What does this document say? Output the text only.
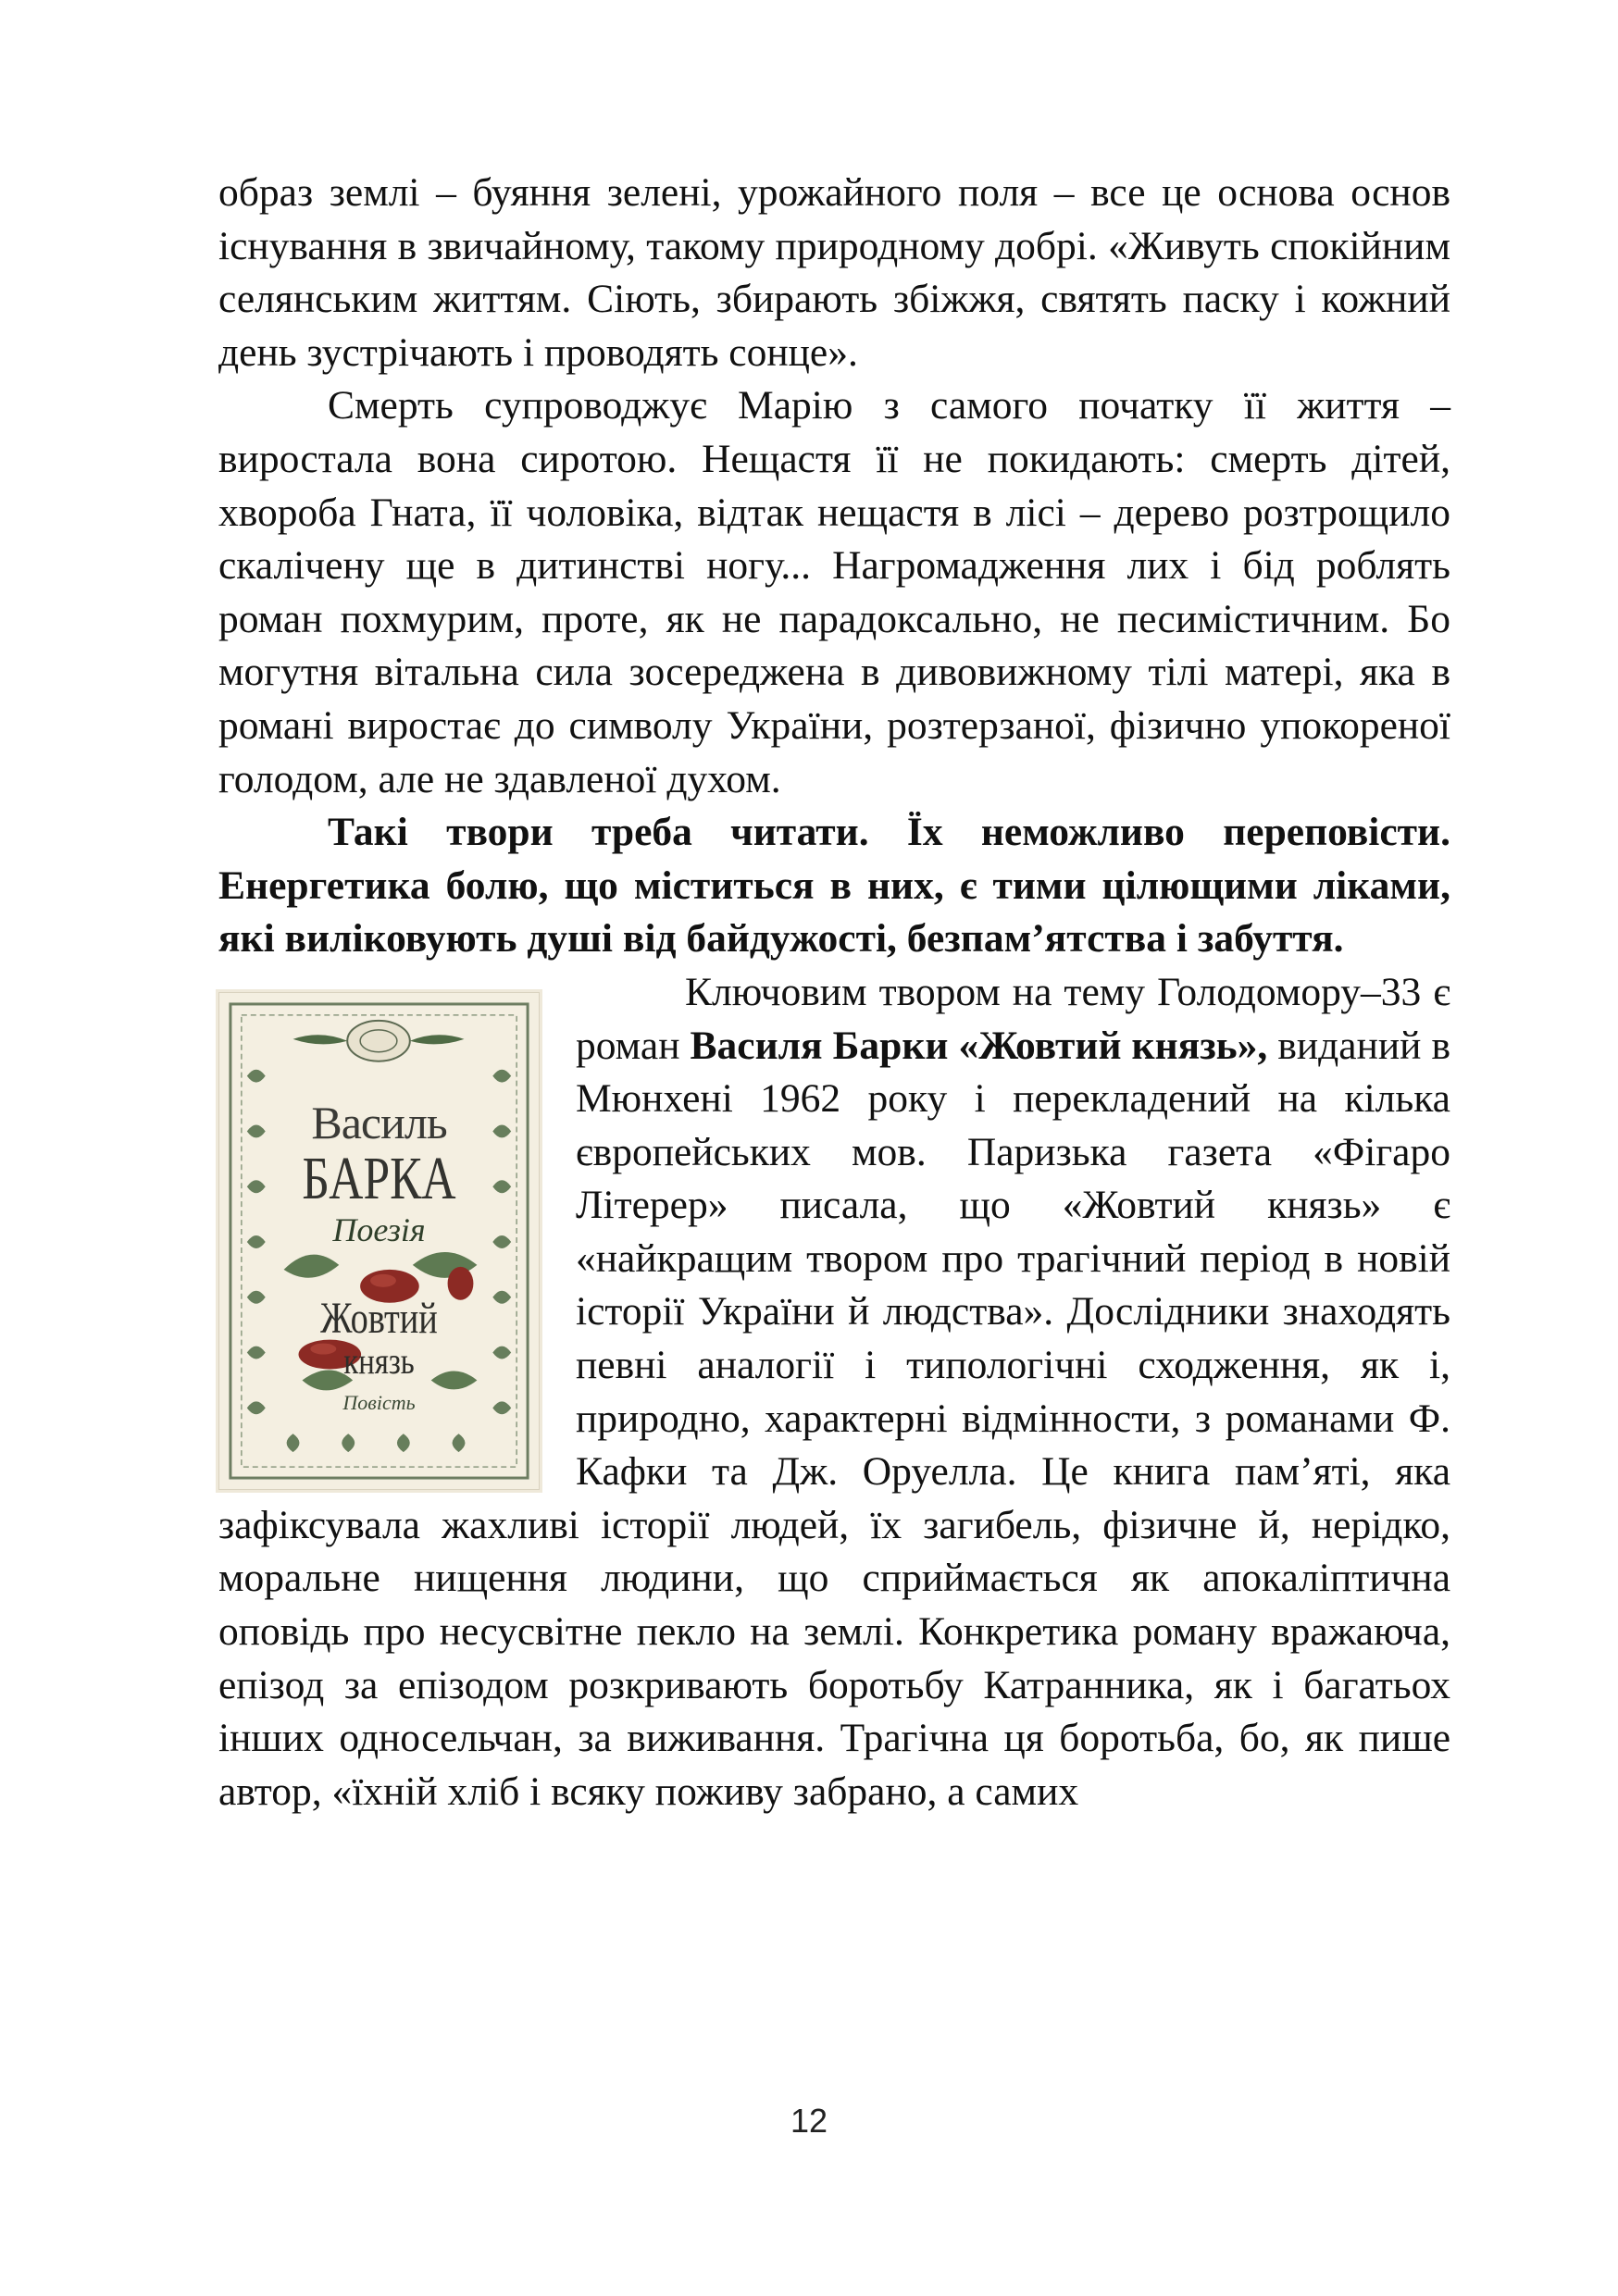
образ землі – буяння зелені, урожайного поля – все це основа основ існування в звичайному, такому природному добрі. «Живуть спокійним селянським життям. Сіють, збирають збіжжя, святять паску і кожний день зустрічають і проводять сонце».

Смерть супроводжує Марію з самого початку її життя – виростала вона сиротою. Нещастя її не покидають: смерть дітей, хвороба Гната, її чоловіка, відтак нещастя в лісі – дерево розтрощило скалічену ще в дитинстві ногу... Нагромадження лих і бід роблять роман похмурим, проте, як не парадоксально, не песимістичним. Бо могутня вітальна сила зосереджена в дивовижному тілі матері, яка в романі виростає до символу України, розтерзаної, фізично упокореної голодом, але не здавленої духом.

Такі твори треба читати. Їх неможливо переповісти. Енергетика болю, що міститься в них, є тими цілющими ліками, які виліковують душі від байдужості, безпам’ятства і забуття.

Василь
БАРКА
Поезія
Жовтий
князь
Повість

Ключовим твором на тему Голодомору–33 є роман Василя Барки «Жовтий князь», виданий в Мюнхені 1962 року і перекладений на кілька європейських мов. Паризька газета «Фігаро Літерер» писала, що «Жовтий князь» є «найкращим твором про трагічний період в новій історії України й людства». Дослідники знаходять певні аналогії і типологічні сходження, як і, природно, характерні відмінности, з романами Ф. Кафки та Дж. Оруелла. Це книга пам’яті, яка зафіксувала жахливі історії людей, їх загибель, фізичне й, нерідко, моральне нищення людини, що сприймається як апокаліптична оповідь про несусвітне пекло на землі. Конкретика роману вражаюча, епізод за епізодом розкривають боротьбу Катранника, як і багатьох інших односельчан, за виживання. Трагічна ця боротьба, бо, як пише автор, «їхній хліб і всяку поживу забрано, а самих

12
